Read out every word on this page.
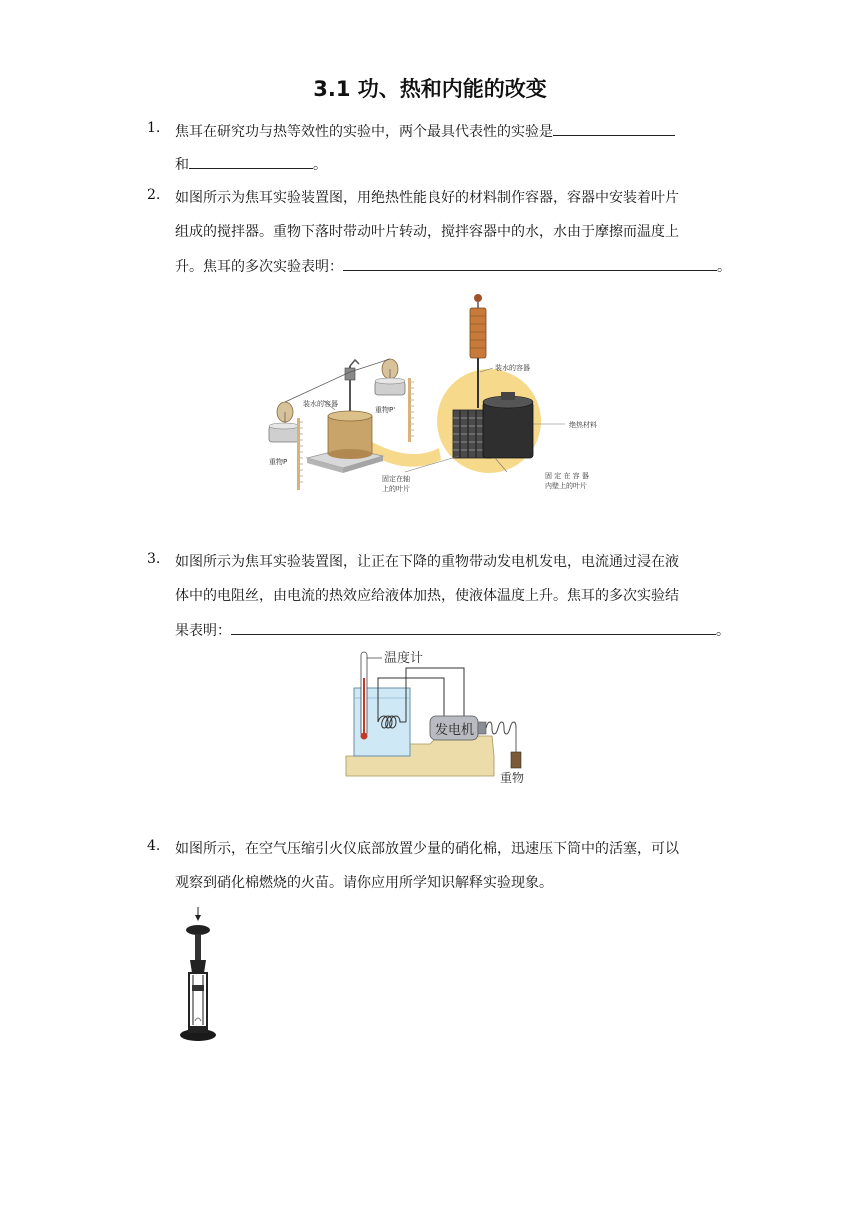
3.1 功、热和内能的改变
1. 焦耳在研究功与热等效性的实验中，两个最具代表性的实验是
和	。
2. 如图所示为焦耳实验装置图，用绝热性能良好的材料制作容器，容器中安装着叶片
组成的搅拌器。重物下落时带动叶片转动，搅拌容器中的水，水由于摩擦而温度上
升。焦耳的多次实验表明：	。
装水的容器
装水的容器
重物P
重物P'
绝热材料
固定在轴
上的叶片
固 定 在 容 器
内壁上的叶片
3. 如图所示为焦耳实验装置图，让正在下降的重物带动发电机发电，电流通过浸在液
体中的电阻丝，由电流的热效应给液体加热，使液体温度上升。焦耳的多次实验结
果表明：	。
温度计
发电机
重物
4. 如图所示，在空气压缩引火仪底部放置少量的硝化棉，迅速压下筒中的活塞，可以
观察到硝化棉燃烧的火苗。请你应用所学知识解释实验现象。
